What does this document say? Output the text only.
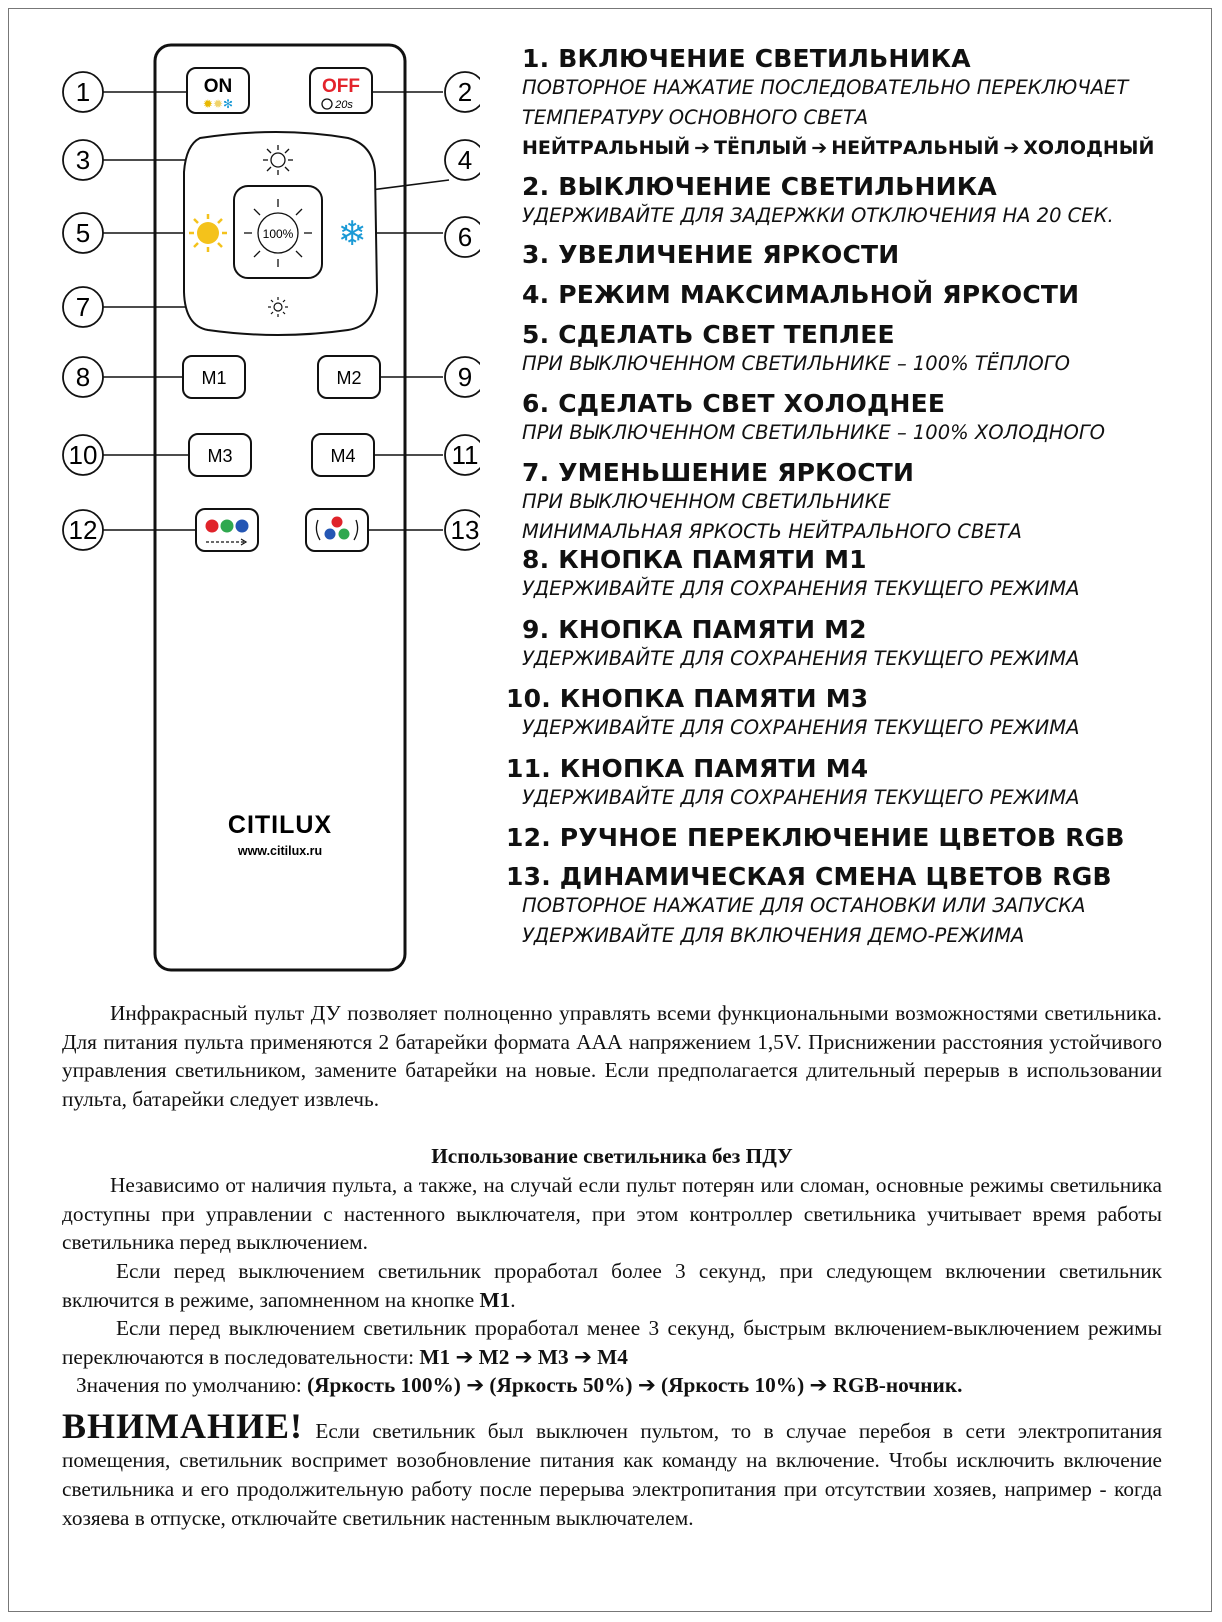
1	2
3	4
5	6
7
8	9
10	11
12	13
ON
✹✹✻
OFF
20s
100% ❄
M1	M2
M3	M4
CITILUX
www.citilux.ru
1. ВКЛЮЧЕНИЕ СВЕТИЛЬНИКА
ПОВТОРНОЕ НАЖАТИЕ ПОСЛЕДОВАТЕЛЬНО ПЕРЕКЛЮЧАЕТ
ТЕМПЕРАТУРУ ОСНОВНОГО СВЕТА
НЕЙТРАЛЬНЫЙ ➔ ТЁПЛЫЙ ➔ НЕЙТРАЛЬНЫЙ ➔ ХОЛОДНЫЙ
2. ВЫКЛЮЧЕНИЕ СВЕТИЛЬНИКА
УДЕРЖИВАЙТЕ ДЛЯ ЗАДЕРЖКИ ОТКЛЮЧЕНИЯ НА 20 СЕК.
3. УВЕЛИЧЕНИЕ ЯРКОСТИ
4. РЕЖИМ МАКСИМАЛЬНОЙ ЯРКОСТИ
5. СДЕЛАТЬ СВЕТ ТЕПЛЕЕ
ПРИ ВЫКЛЮЧЕННОМ СВЕТИЛЬНИКЕ – 100% ТЁПЛОГО
6. СДЕЛАТЬ СВЕТ ХОЛОДНЕЕ
ПРИ ВЫКЛЮЧЕННОМ СВЕТИЛЬНИКЕ – 100% ХОЛОДНОГО
7. УМЕНЬШЕНИЕ ЯРКОСТИ
ПРИ ВЫКЛЮЧЕННОМ СВЕТИЛЬНИКЕ
МИНИМАЛЬНАЯ ЯРКОСТЬ НЕЙТРАЛЬНОГО СВЕТА
8. КНОПКА ПАМЯТИ М1
УДЕРЖИВАЙТЕ ДЛЯ СОХРАНЕНИЯ ТЕКУЩЕГО РЕЖИМА
9. КНОПКА ПАМЯТИ М2
УДЕРЖИВАЙТЕ ДЛЯ СОХРАНЕНИЯ ТЕКУЩЕГО РЕЖИМА
10. КНОПКА ПАМЯТИ М3
УДЕРЖИВАЙТЕ ДЛЯ СОХРАНЕНИЯ ТЕКУЩЕГО РЕЖИМА
11. КНОПКА ПАМЯТИ М4
УДЕРЖИВАЙТЕ ДЛЯ СОХРАНЕНИЯ ТЕКУЩЕГО РЕЖИМА
12. РУЧНОЕ ПЕРЕКЛЮЧЕНИЕ ЦВЕТОВ RGB
13. ДИНАМИЧЕСКАЯ СМЕНА ЦВЕТОВ RGB
ПОВТОРНОЕ НАЖАТИЕ ДЛЯ ОСТАНОВКИ ИЛИ ЗАПУСКА
УДЕРЖИВАЙТЕ ДЛЯ ВКЛЮЧЕНИЯ ДЕМО-РЕЖИМА
Инфракрасный пульт ДУ позволяет полноценно управлять всеми функциональными возможностями светильника. Для питания пульта применяются 2 батарейки формата ААА напряжением 1,5V. Приснижении расстояния устойчивого управления светильником, замените батарейки на новые. Если предполагается длительный перерыв в использовании пульта, батарейки следует извлечь.
Использование светильника без ПДУ
Независимо от наличия пульта, а также, на случай если пульт потерян или сломан, основные режимы светильника доступны при управлении с настенного выключателя, при этом контроллер светильника учитывает время работы светильника перед выключением.
Если перед выключением светильник проработал более 3 секунд, при следующем включении светильник включится в режиме, запомненном на кнопке М1.
Если перед выключением светильник проработал менее 3 секунд, быстрым включением-выключением режимы переключаются в последовательности: М1 ➔ М2 ➔ М3 ➔ М4
Значения по умолчанию: (Яркость 100%) ➔ (Яркость 50%) ➔ (Яркость 10%) ➔ RGB-ночник.
ВНИМАНИЕ! Если светильник был выключен пультом, то в случае перебоя в сети электропитания помещения, светильник воспримет возобновление питания как команду на включение. Чтобы исключить включение светильника и его продолжительную работу после перерыва электропитания при отсутствии хозяев, например - когда хозяева в отпуске, отключайте светильник настенным выключателем.
